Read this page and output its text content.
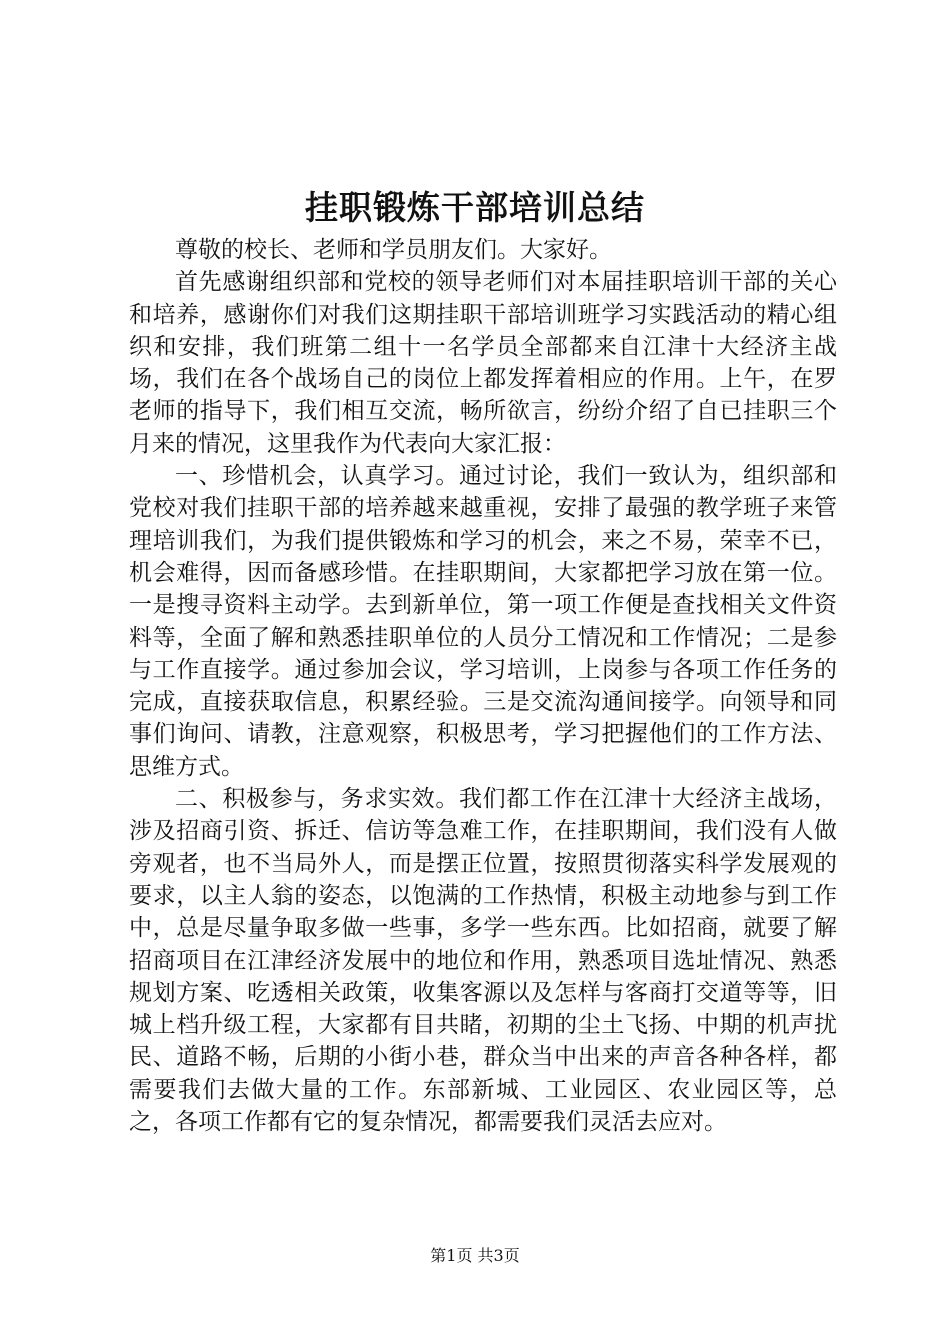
挂职锻炼干部培训总结

尊敬的校长、老师和学员朋友们。大家好。

首先感谢组织部和党校的领导老师们对本届挂职培训干部的关心和培养，感谢你们对我们这期挂职干部培训班学习实践活动的精心组织和安排，我们班第二组十一名学员全部都来自江津十大经济主战场，我们在各个战场自己的岗位上都发挥着相应的作用。上午，在罗老师的指导下，我们相互交流，畅所欲言，纷纷介绍了自已挂职三个月来的情况，这里我作为代表向大家汇报：

一、珍惜机会，认真学习。通过讨论，我们一致认为，组织部和党校对我们挂职干部的培养越来越重视，安排了最强的教学班子来管理培训我们，为我们提供锻炼和学习的机会，来之不易，荣幸不已，机会难得，因而备感珍惜。在挂职期间，大家都把学习放在第一位。一是搜寻资料主动学。去到新单位，第一项工作便是查找相关文件资料等，全面了解和熟悉挂职单位的人员分工情况和工作情况；二是参与工作直接学。通过参加会议，学习培训，上岗参与各项工作任务的完成，直接获取信息，积累经验。三是交流沟通间接学。向领导和同事们询问、请教，注意观察，积极思考，学习把握他们的工作方法、思维方式。

二、积极参与，务求实效。我们都工作在江津十大经济主战场，涉及招商引资、拆迁、信访等急难工作，在挂职期间，我们没有人做旁观者，也不当局外人，而是摆正位置，按照贯彻落实科学发展观的要求，以主人翁的姿态，以饱满的工作热情，积极主动地参与到工作中，总是尽量争取多做一些事，多学一些东西。比如招商，就要了解招商项目在江津经济发展中的地位和作用，熟悉项目选址情况、熟悉规划方案、吃透相关政策，收集客源以及怎样与客商打交道等等，旧城上档升级工程，大家都有目共睹，初期的尘土飞扬、中期的机声扰民、道路不畅，后期的小街小巷，群众当中出来的声音各种各样，都需要我们去做大量的工作。东部新城、工业园区、农业园区等，总之，各项工作都有它的复杂情况，都需要我们灵活去应对。

第1页 共3页
